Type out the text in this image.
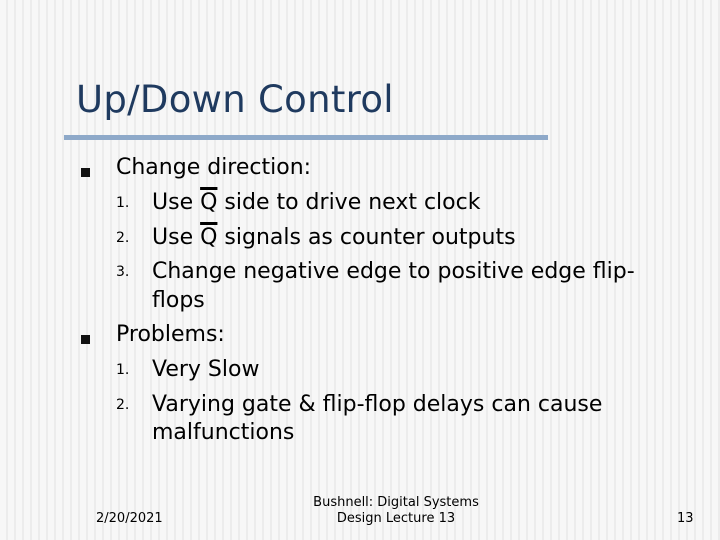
Up/Down Control
Change direction:
1. Use $\overline{Q}$ side to drive next clock
2. Use $\overline{Q}$ signals as counter outputs
3. Change negative edge to positive edge flip-
flops
Problems:
1. Very Slow
2. Varying gate & flip-flop delays can cause
malfunctions
2/20/2021
Bushnell: Digital Systems
Design Lecture 13	13
